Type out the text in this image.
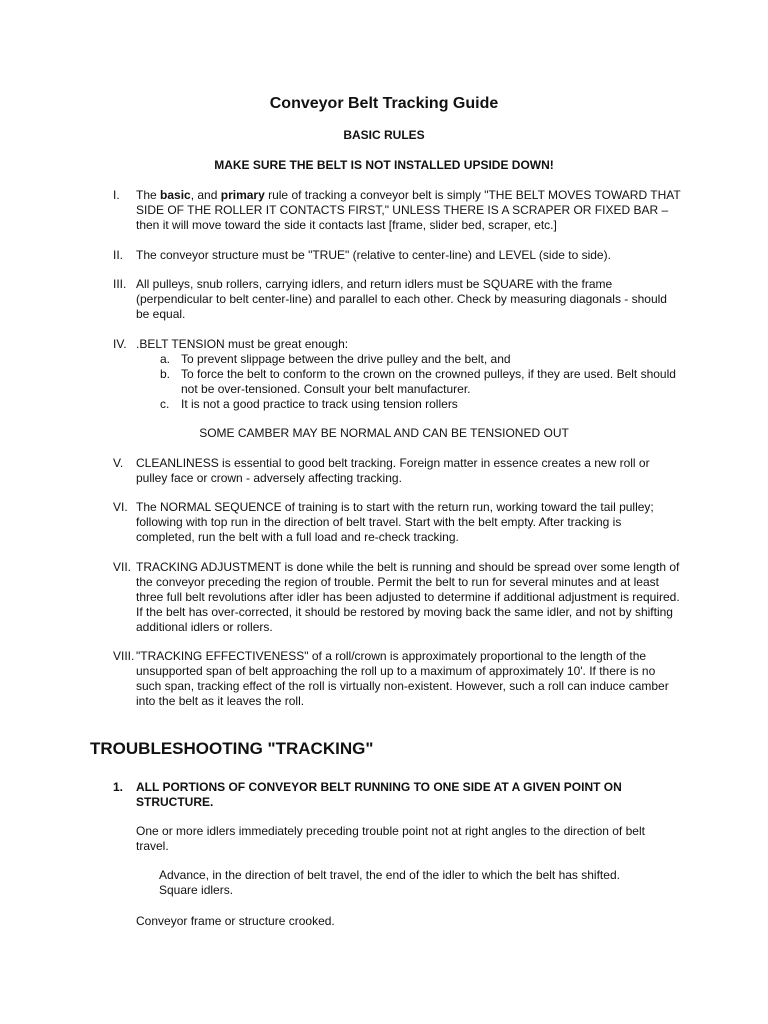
Conveyor Belt Tracking Guide
BASIC RULES
MAKE SURE THE BELT IS NOT INSTALLED UPSIDE DOWN!
I. The basic, and primary rule of tracking a conveyor belt is simply "THE BELT MOVES TOWARD THAT SIDE OF THE ROLLER IT CONTACTS FIRST," UNLESS THERE IS A SCRAPER OR FIXED BAR – then it will move toward the side it contacts last [frame, slider bed, scraper, etc.]
II. The conveyor structure must be "TRUE" (relative to center-line) and LEVEL (side to side).
III. All pulleys, snub rollers, carrying idlers, and return idlers must be SQUARE with the frame (perpendicular to belt center-line) and parallel to each other. Check by measuring diagonals - should be equal.
IV. .BELT TENSION must be great enough:
a. To prevent slippage between the drive pulley and the belt, and
b. To force the belt to conform to the crown on the crowned pulleys, if they are used. Belt should not be over-tensioned. Consult your belt manufacturer.
c. It is not a good practice to track using tension rollers
SOME CAMBER MAY BE NORMAL AND CAN BE TENSIONED OUT
V. CLEANLINESS is essential to good belt tracking. Foreign matter in essence creates a new roll or pulley face or crown - adversely affecting tracking.
VI. The NORMAL SEQUENCE of training is to start with the return run, working toward the tail pulley; following with top run in the direction of belt travel. Start with the belt empty. After tracking is completed, run the belt with a full load and re-check tracking.
VII. TRACKING ADJUSTMENT is done while the belt is running and should be spread over some length of the conveyor preceding the region of trouble. Permit the belt to run for several minutes and at least three full belt revolutions after idler has been adjusted to determine if additional adjustment is required. If the belt has over-corrected, it should be restored by moving back the same idler, and not by shifting additional idlers or rollers.
VIII. "TRACKING EFFECTIVENESS" of a roll/crown is approximately proportional to the length of the unsupported span of belt approaching the roll up to a maximum of approximately 10'. If there is no such span, tracking effect of the roll is virtually non-existent. However, such a roll can induce camber into the belt as it leaves the roll.
TROUBLESHOOTING "TRACKING"
1. ALL PORTIONS OF CONVEYOR BELT RUNNING TO ONE SIDE AT A GIVEN POINT ON STRUCTURE.
One or more idlers immediately preceding trouble point not at right angles to the direction of belt travel.
Advance, in the direction of belt travel, the end of the idler to which the belt has shifted. Square idlers.
Conveyor frame or structure crooked.
